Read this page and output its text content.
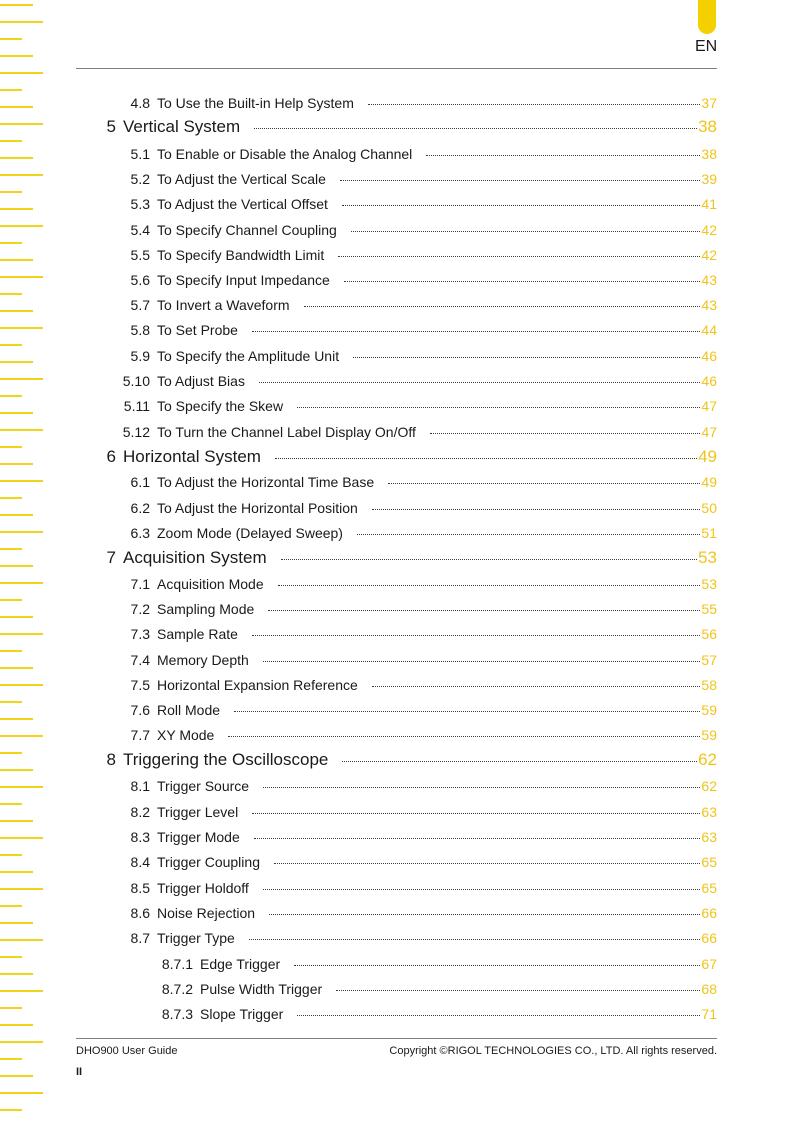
EN
4.8 To Use the Built-in Help System	37
5 Vertical System	38
5.1 To Enable or Disable the Analog Channel	38
5.2 To Adjust the Vertical Scale	39
5.3 To Adjust the Vertical Offset	41
5.4 To Specify Channel Coupling	42
5.5 To Specify Bandwidth Limit	42
5.6 To Specify Input Impedance	43
5.7 To Invert a Waveform	43
5.8 To Set Probe	44
5.9 To Specify the Amplitude Unit	46
5.10 To Adjust Bias	46
5.11 To Specify the Skew	47
5.12 To Turn the Channel Label Display On/Off	47
6 Horizontal System	49
6.1 To Adjust the Horizontal Time Base	49
6.2 To Adjust the Horizontal Position	50
6.3 Zoom Mode (Delayed Sweep)	51
7 Acquisition System	53
7.1 Acquisition Mode	53
7.2 Sampling Mode	55
7.3 Sample Rate	56
7.4 Memory Depth	57
7.5 Horizontal Expansion Reference	58
7.6 Roll Mode	59
7.7 XY Mode	59
8 Triggering the Oscilloscope	62
8.1 Trigger Source	62
8.2 Trigger Level	63
8.3 Trigger Mode	63
8.4 Trigger Coupling	65
8.5 Trigger Holdoff	65
8.6 Noise Rejection	66
8.7 Trigger Type	66
8.7.1 Edge Trigger	67
8.7.2 Pulse Width Trigger	68
8.7.3 Slope Trigger	71
DHO900 User Guide	Copyright ©RIGOL TECHNOLOGIES CO., LTD. All rights reserved.
II
